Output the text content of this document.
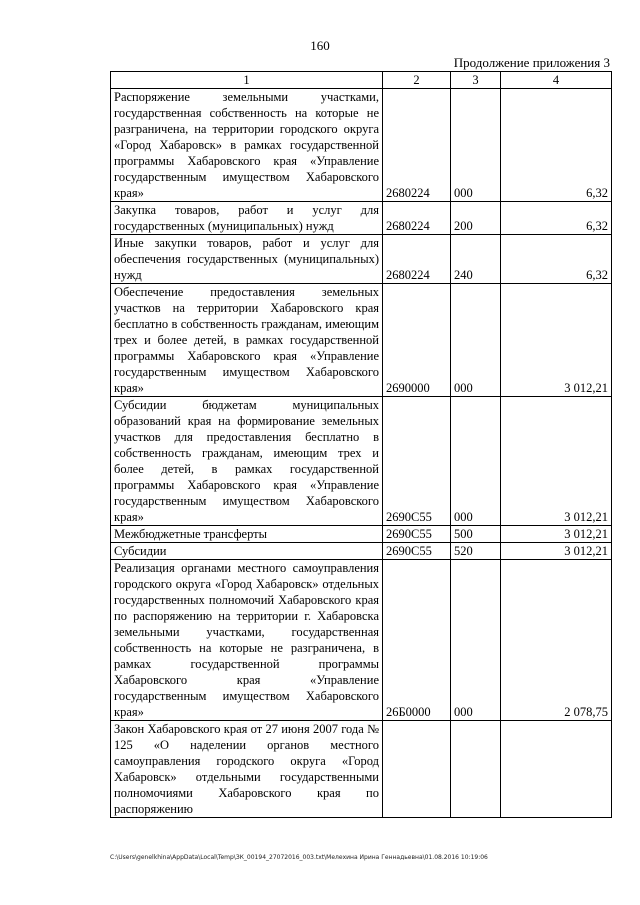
160
Продолжение приложения 3
1	2	3	4
Распоряжение земельными участками, государственная собственность на которые не разграничена, на территории городского округа «Город Хабаровск» в рамках государственной программы Хабаровского края «Управление государственным имуществом Хабаровского края»	2680224	000	6,32
Закупка товаров, работ и услуг для государственных (муниципальных) нужд	2680224	200	6,32
Иные закупки товаров, работ и услуг для обеспечения государственных (муниципальных) нужд	2680224	240	6,32
Обеспечение предоставления земельных участков на территории Хабаровского края бесплатно в собственность гражданам, имеющим трех и более детей, в рамках государственной программы Хабаровского края «Управление государственным имуществом Хабаровского края»	2690000	000	3 012,21
Субсидии бюджетам муниципальных образований края на формирование земельных участков для предоставления бесплатно в собственность гражданам, имеющим трех и более детей, в рамках государственной программы Хабаровского края «Управление государственным имуществом Хабаровского края»	2690С55	000	3 012,21
Межбюджетные трансферты	2690С55	500	3 012,21
Субсидии	2690С55	520	3 012,21
Реализация органами местного самоуправления городского округа «Город Хабаровск» отдельных государственных полномочий Хабаровского края по распоряжению на территории г. Хабаровска земельными участками, государственная собственность на которые не разграничена, в рамках государственной программы Хабаровского края «Управление государственным имуществом Хабаровского края»	26Б0000	000	2 078,75
Закон Хабаровского края от 27 июня 2007 года № 125 «О наделении органов местного самоуправления городского округа «Город Хабаровск» отдельными государственными полномочиями Хабаровского края по распоряжению			
C:\Users\genelkhina\AppData\Local\Temp\ЗК_00194_27072016_003.txt\Мелехина Ирина Геннадьевна\01.08.2016 10:19:06
